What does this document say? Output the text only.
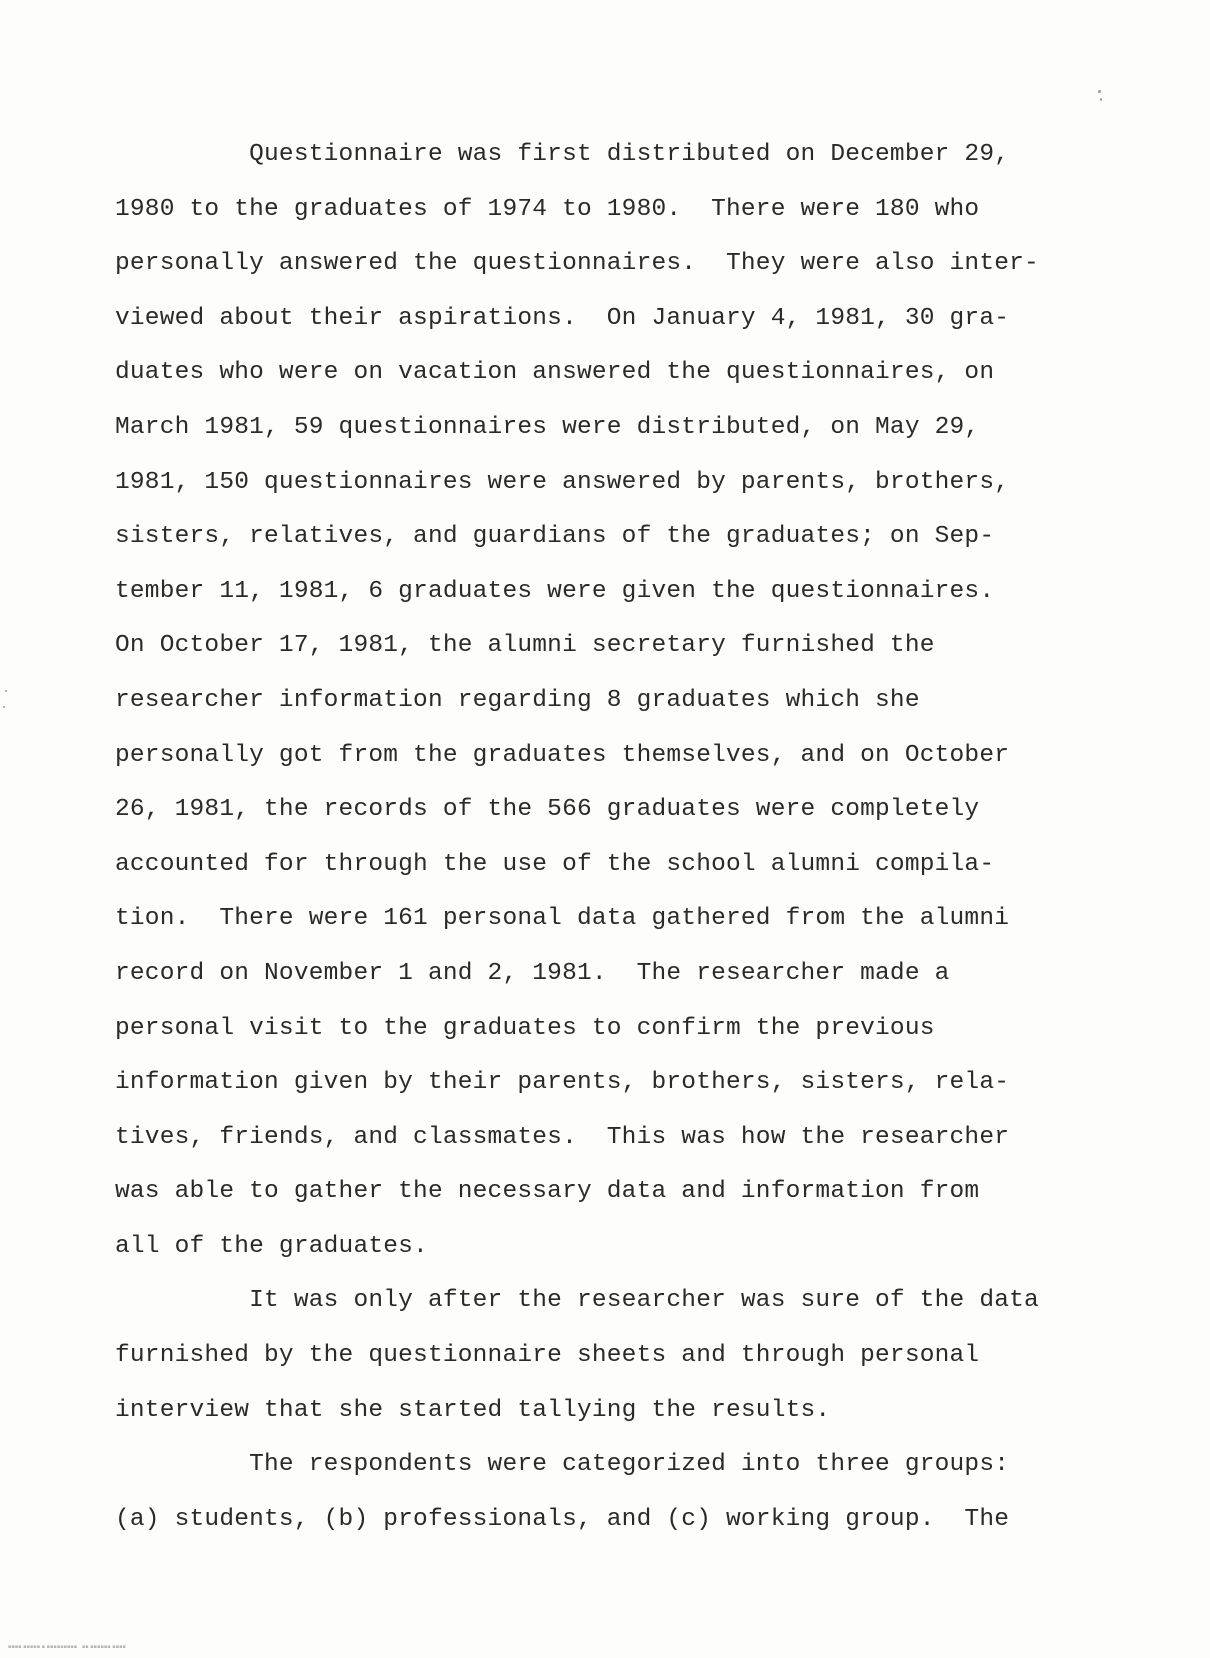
Questionnaire was first distributed on December 29,
1980 to the graduates of 1974 to 1980.  There were 180 who
personally answered the questionnaires.  They were also inter-
viewed about their aspirations.  On January 4, 1981, 30 gra-
duates who were on vacation answered the questionnaires, on
March 1981, 59 questionnaires were distributed, on May 29,
1981, 150 questionnaires were answered by parents, brothers,
sisters, relatives, and guardians of the graduates; on Sep-
tember 11, 1981, 6 graduates were given the questionnaires.
On October 17, 1981, the alumni secretary furnished the
researcher information regarding 8 graduates which she
personally got from the graduates themselves, and on October
26, 1981, the records of the 566 graduates were completely
accounted for through the use of the school alumni compila-
tion.  There were 161 personal data gathered from the alumni
record on November 1 and 2, 1981.  The researcher made a
personal visit to the graduates to confirm the previous
information given by their parents, brothers, sisters, rela-
tives, friends, and classmates.  This was how the researcher
was able to gather the necessary data and information from
all of the graduates.
It was only after the researcher was sure of the data
furnished by the questionnaire sheets and through personal
interview that she started tallying the results.
The respondents were categorized into three groups:
(a) students, (b) professionals, and (c) working group.  The
▪▪▪▪ ▪▪▪▪▪ ▪ ▪▪▪▪▪▪▪▪▪   ▪▪ ▪▪▪▪▪▪ ▪▪▪▪
